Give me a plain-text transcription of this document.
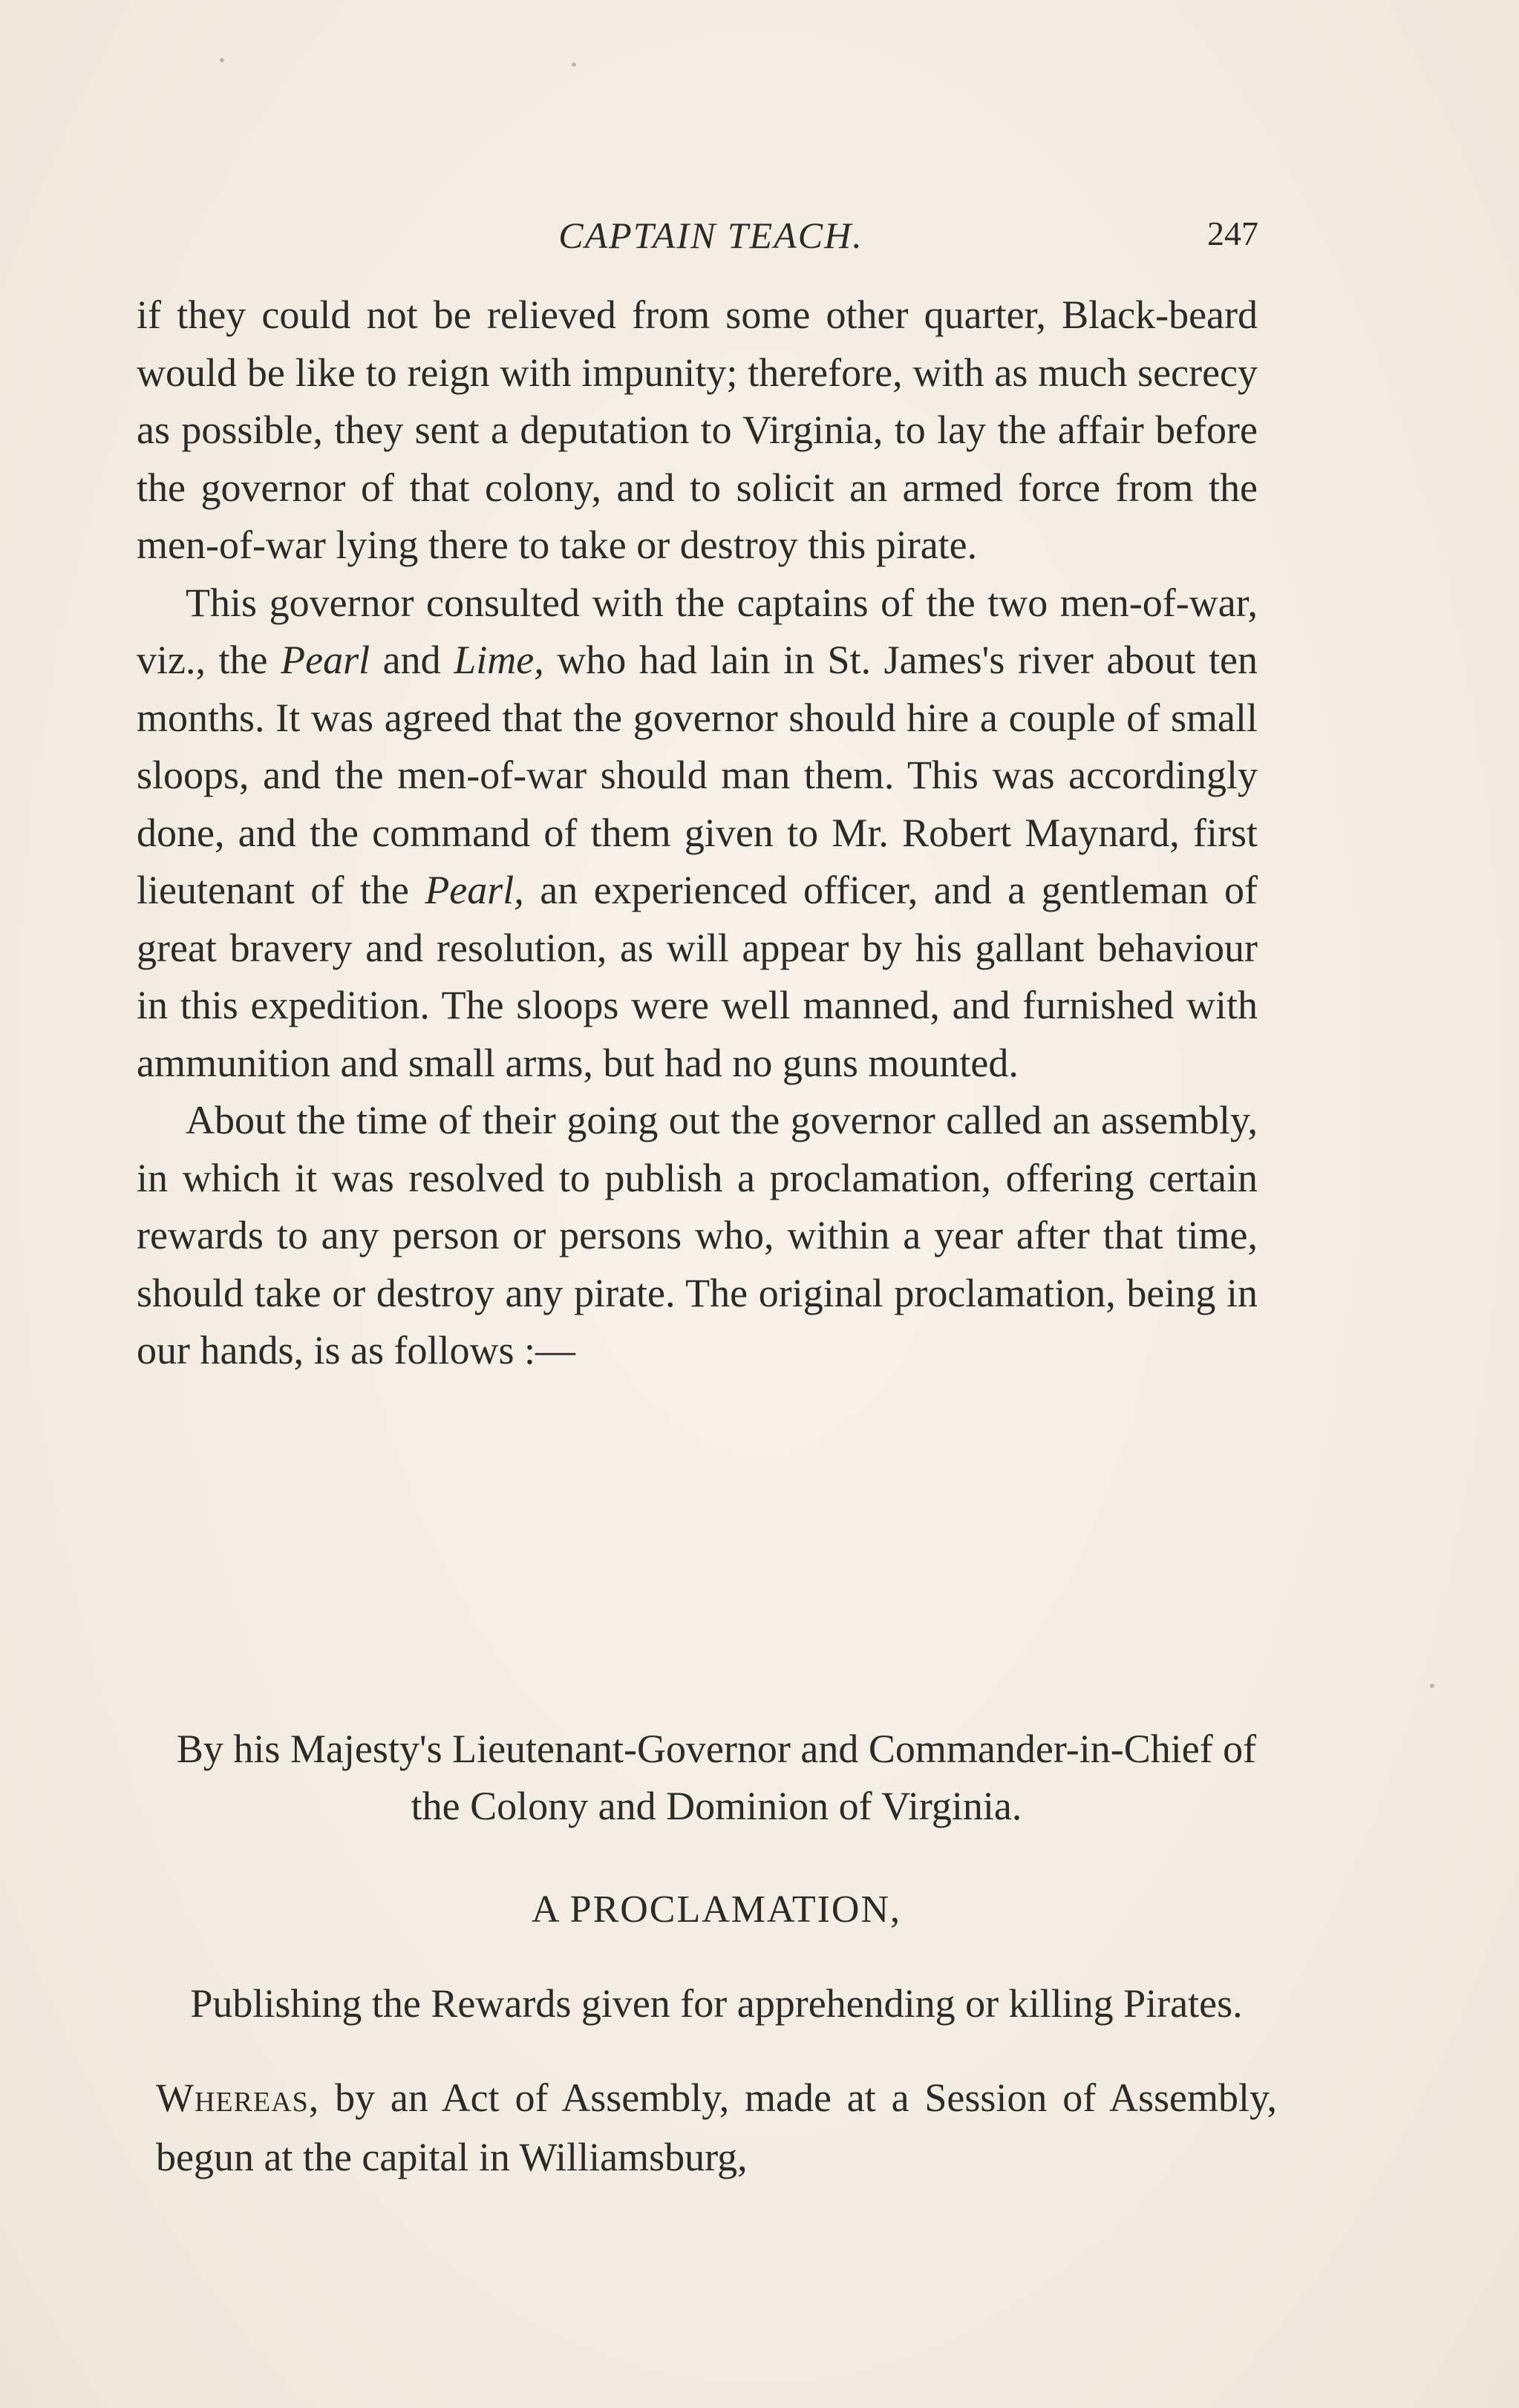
CAPTAIN TEACH.	247

if they could not be relieved from some other quarter, Black-beard would be like to reign with impunity; therefore, with as much secrecy as possible, they sent a deputation to Virginia, to lay the affair before the governor of that colony, and to solicit an armed force from the men-of-war lying there to take or destroy this pirate.

This governor consulted with the captains of the two men-of-war, viz., the Pearl and Lime, who had lain in St. James's river about ten months. It was agreed that the governor should hire a couple of small sloops, and the men-of-war should man them. This was accordingly done, and the command of them given to Mr. Robert Maynard, first lieutenant of the Pearl, an experienced officer, and a gentleman of great bravery and resolution, as will appear by his gallant behaviour in this expedition. The sloops were well manned, and furnished with ammunition and small arms, but had no guns mounted.

About the time of their going out the governor called an assembly, in which it was resolved to publish a proclamation, offering certain rewards to any person or persons who, within a year after that time, should take or destroy any pirate. The original proclamation, being in our hands, is as follows :—

By his Majesty's Lieutenant-Governor and Commander-in-Chief of the Colony and Dominion of Virginia.

A PROCLAMATION,

Publishing the Rewards given for apprehending or killing Pirates.

Whereas, by an Act of Assembly, made at a Session of Assembly, begun at the capital in Williamsburg,
